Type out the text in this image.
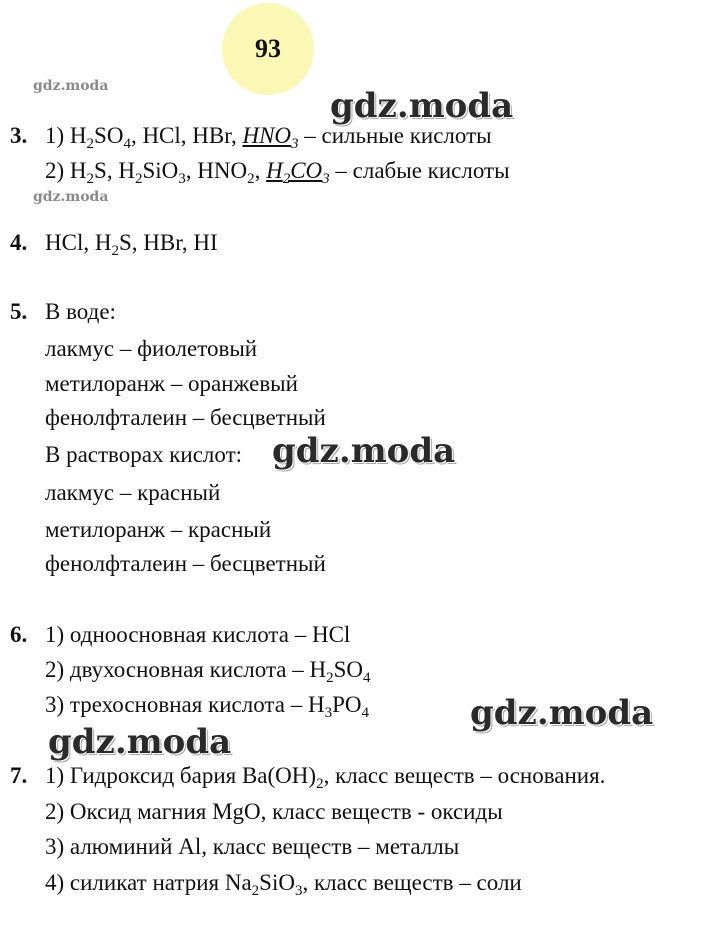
93
gdz.moda
gdz.moda
gdz.moda
gdz.moda
gdz.moda
gdz.moda
3. 1) $H_2SO_4$, HCl, HBr, $HNO_3$ – сильные кислоты
2) $H_2S$, $H_2SiO_3$, $HNO_2$, $H_2CO_3$ – слабые кислоты
4. HCl, $H_2S$, HBr, HI
5. В воде:
лакмус – фиолетовый
метилоранж – оранжевый
фенолфталеин – бесцветный
В растворах кислот:
лакмус – красный
метилоранж – красный
фенолфталеин – бесцветный
6. 1) одноосновная кислота – HCl
2) двухосновная кислота – $H_2SO_4$
3) трехосновная кислота – $H_3PO_4$
7. 1) Гидроксид бария $Ba(OH)_2$, класс веществ – основания.
2) Оксид магния MgO, класс веществ - оксиды
3) алюминий Al, класс веществ – металлы
4) силикат натрия $Na_2SiO_3$, класс веществ – соли
